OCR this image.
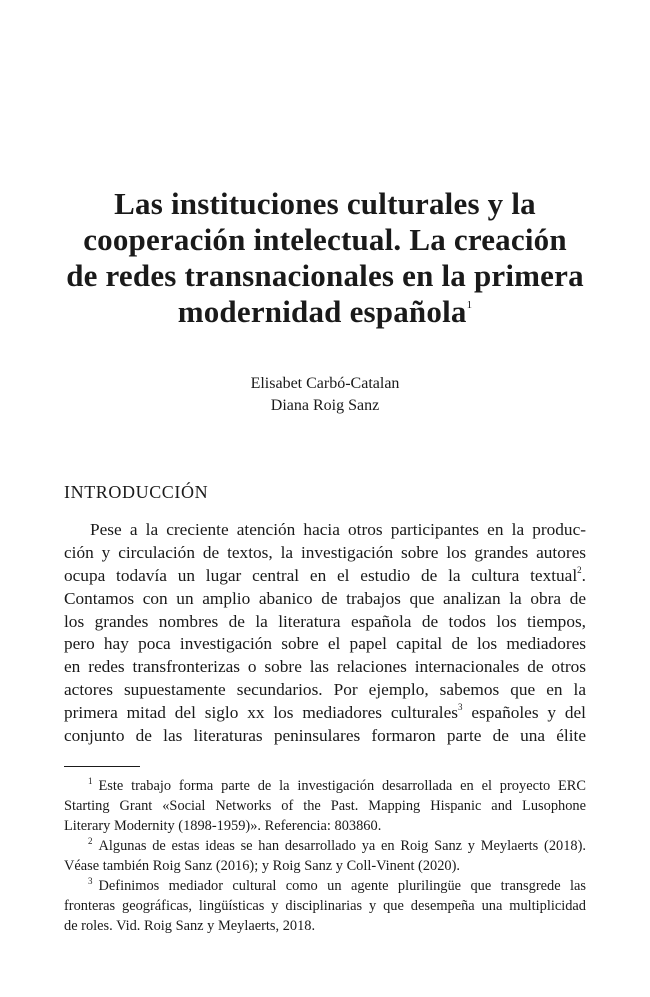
Las instituciones culturales y la
cooperación intelectual. La creación
de redes transnacionales en la primera
modernidad española$^1$
Elisabet Carbó-Catalan
Diana Roig Sanz
INTRODUCCIÓN
Pese a la creciente atención hacia otros participantes en la produc-
ción y circulación de textos, la investigación sobre los grandes autores
ocupa todavía un lugar central en el estudio de la cultura textual$^2$.
Contamos con un amplio abanico de trabajos que analizan la obra de
los grandes nombres de la literatura española de todos los tiempos,
pero hay poca investigación sobre el papel capital de los mediadores
en redes transfronterizas o sobre las relaciones internacionales de otros
actores supuestamente secundarios. Por ejemplo, sabemos que en la
primera mitad del siglo xx los mediadores culturales$^3$ españoles y del
conjunto de las literaturas peninsulares formaron parte de una élite
$^1$ Este trabajo forma parte de la investigación desarrollada en el proyecto ERC
Starting Grant «Social Networks of the Past. Mapping Hispanic and Lusophone
Literary Modernity (1898-1959)». Referencia: 803860.
$^2$ Algunas de estas ideas se han desarrollado ya en Roig Sanz y Meylaerts (2018).
Véase también Roig Sanz (2016); y Roig Sanz y Coll-Vinent (2020).
$^3$ Definimos mediador cultural como un agente plurilingüe que transgrede las
fronteras geográficas, lingüísticas y disciplinarias y que desempeña una multiplicidad
de roles. Vid. Roig Sanz y Meylaerts, 2018.
